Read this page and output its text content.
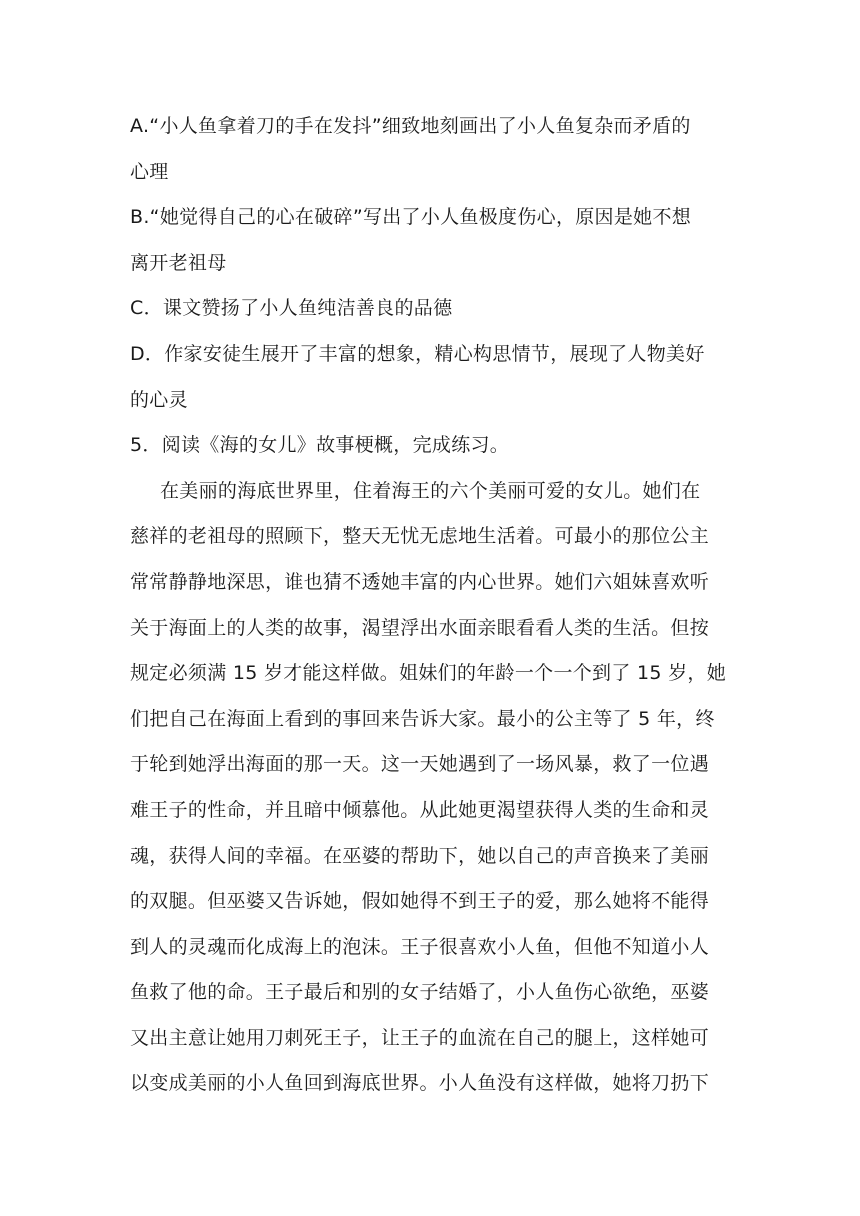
A.“小人鱼拿着刀的手在发抖”细致地刻画出了小人鱼复杂而矛盾的
心理
B.“她觉得自己的心在破碎”写出了小人鱼极度伤心，原因是她不想
离开老祖母
C．课文赞扬了小人鱼纯洁善良的品德
D．作家安徒生展开了丰富的想象，精心构思情节，展现了人物美好
的心灵
5．阅读《海的女儿》故事梗概，完成练习。
在美丽的海底世界里，住着海王的六个美丽可爱的女儿。她们在
慈祥的老祖母的照顾下，整天无忧无虑地生活着。可最小的那位公主
常常静静地深思，谁也猜不透她丰富的内心世界。她们六姐妹喜欢听
关于海面上的人类的故事，渴望浮出水面亲眼看看人类的生活。但按
规定必须满 15 岁才能这样做。姐妹们的年龄一个一个到了 15 岁，她
们把自己在海面上看到的事回来告诉大家。最小的公主等了 5 年，终
于轮到她浮出海面的那一天。这一天她遇到了一场风暴，救了一位遇
难王子的性命，并且暗中倾慕他。从此她更渴望获得人类的生命和灵
魂，获得人间的幸福。在巫婆的帮助下，她以自己的声音换来了美丽
的双腿。但巫婆又告诉她，假如她得不到王子的爱，那么她将不能得
到人的灵魂而化成海上的泡沫。王子很喜欢小人鱼，但他不知道小人
鱼救了他的命。王子最后和别的女子结婚了，小人鱼伤心欲绝，巫婆
又出主意让她用刀刺死王子，让王子的血流在自己的腿上，这样她可
以变成美丽的小人鱼回到海底世界。小人鱼没有这样做，她将刀扔下
